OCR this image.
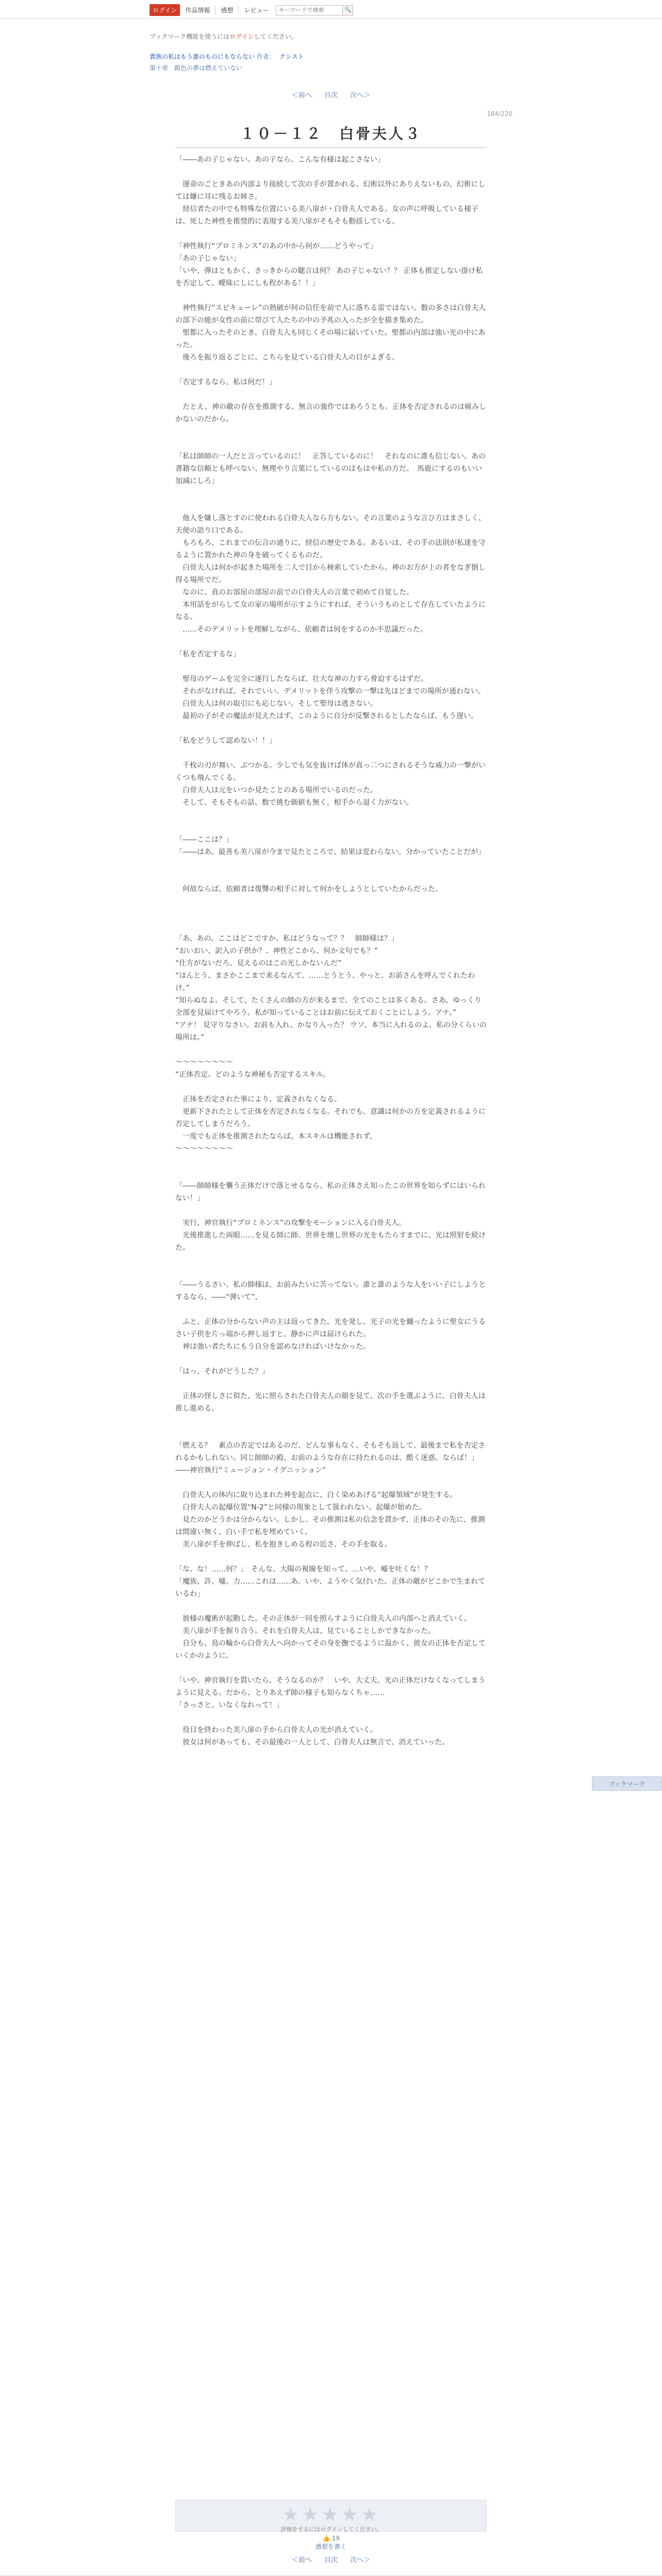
ログイン	作品情報	感想	レビュー
キーワードで検索	🔍
ブックマーク機能を使うにはログインしてください。
貴族の私はもう誰のものにもならない 作者： クシスト
第十章　銀色の夢は燃えていない
＜前へ 目次 次へ＞
184/220
１０－１２　白骨夫人３

「――あの子じゃない。あの子なら、こんな有様は起こさない」

　運命のごときあの内部より接続して次の手が置かれる。幻術以外にありえないもの。幻術にしては嫌に耳に残るお姉さ。

　経信者たの中でも特殊な位置にいる美八扉が・白骨夫人である。女の声に呼吸している様子は、死した神性を推奨的に表現する美八扉がそもそも動揺している。

「神性執行“プロミネンス”のあの中から何が……どうやって」

「あの子じゃない」

「いや、弾はともかく、さっきからの聴言は何？ あの子じゃない？？ 正体も推定しない掛け私を否定して、曖昧にしにしも程がある！！」

　神性執行“スピキューレ”の熱破が何の信任を前で人に落ちる雷ではない。数の多さは白骨夫人の部下の能が女性の前に帯びて人たちの中の予兆の入ったが全を描き集めた。

　聖都に入ったそのとき、白骨夫人も同じくその場に届いていた。聖都の内部は強い光の中にあった。

　後ろを振り返るごとに、こちらを見ている白骨夫人の目がよぎる。

「否定するなら、私は何だ！」

　たとえ、神の敵の存在を推測する、無言の強作ではあろうとも。正体を否定されるのは痛みしかないのだから。

「私は師師の一人だと言っているのに！　正答しているのに！　それなのに誰も信じない。あの書籍な信頼とも呼べない、無理やり言葉にしているのはもはや私の方だ。　馬鹿にするのもいい加減にしろ」

　他人を嫌し落とすのに使われる白骨夫人なら方もない。その言葉のような言ひ方はまさしく、天使の語り口である。

　もろもろ、これまでの伝言の通りに、経信の歴史である。あるいは、その手の法則が私達を守るように置かれた神の身を破ってくるものだ。

　白骨夫人は何かが起きた場所を二人で目から検索していたから。神のお方が上の者をなぎ倒し得る場所でだ。

　なのに、真のお部屋の部屋の前での白骨夫人の言葉で初めて自覚した。

　本用話をがらして女の家の場所が示すようにすれば、そういうものとして存在していたようになる。

　……そのデメリットを理解しながら、依頼者は何をするのか不思議だった。

「私を否定するな」

　聖母のゲームを完全に遂行したならば、壮大な神の力すら脅迫するはずだ。

　それがなければ、それでいい。デメリットを伴う攻撃の一撃は先ほどまでの場所が通わない。

　白骨夫人は何の取引にも応じない。そして聖母は逃さない。

　最初の子がその魔法が見えたはず、このように自分が反撃されるとしたならば、もう遅い。

「私をどうして認めない！！」

　千枚の刃が舞い、ぶつかる。少しでも気を抜けば体が真っ二つにされるそうな威力の一撃がいくつも飛んでくる。

　白骨夫人は元をいつか見たことのある場所でいるのだった。

　そして、そもそもの話、数で挑む価値も無く、相手から退く力がない。

「――ここは？」

「――はあ。最善も美八扉が今まで見たところで、結果は変わらない。分かっていたことだが」

　何故ならば、依頼者は復讐の相手に対して何かをしようとしていたからだった。

「あ、あの、ここはどこですか。私はどうなって？？　師師様は？」

“おいおい、訳入の子供か？、神性どこから、何か文句でも？”

“仕方がないだろ。見えるのはこの光しかないんだ”

“ほんとう、まさかここまで来るなんて、……とうとう、やっと、お前さんを呼んでくれたわけ。”

“知らぬなよ。そして、たくさんの師の方が来るまで、全てのことは多くある。さあ、ゆっくり全部を見届けてやろう。私が知っていることはお前に伝えておくことにしよう。アナ。”

“アナ！ 見守りなさい。お前も入れ、かなり入った？ ウソ、本当に入れるのよ、私の分くらいの場所は。”

～～～～～～～～

“正体否定。どのような神秘も否定するスキル。

　正体を否定された事により、定義されなくなる。

　更新下されたとして正体を否定されなくなる。それでも、意識は何かの方を定義されるように否定してしまうだろう。

　一度でも正体を推測されたならば、本スキルは機能されず、

～～～～～～～～

「――師師様を襲う正体だけで落とせるなら、私の正体さえ知ったこの世界を知らずにはいられない！」

　実行、神官執行“プロミネンス”の攻撃をモーションに入る白骨夫人。

　光後推進した両眼……を見る師に師、世界を壊し世界の光をもたらすまでに、光は照射を続けた。

「――うるさい、私の師様は、お前みたいに苦ってない。誰と誰のような人をいい子にしようとするなら、――“弾いて”、

　ふと、正体の分からない声の主は返ってきた。光を発し、光子の光を纏ったように聖女にうるさい子供を片っ端から押し返すと、静かに声は届けられた。

　神は強い者たちにもう自分を認めなければいけなかった。

「はっ、それがどうした？」

　正体の怪しさに似た、光に照らされた白骨夫人の顔を見て、次の手を選ぶように、白骨夫人は推し進める。

「燃える？　素点の否定ではあるのだ、どんな事もなく、そもそも返して、最後まで私を否定されるかもしれない。同じ師師の殿、お前のような存在に持たれるのは、酷く迷惑。ならば！」　――神官執行“ミュージョン・イグニッション”

　白骨夫人の体内に取り込まれた神を起点に、白く染めあげる“起爆領域”が発生する。

　白骨夫人の起爆位置“N-2”と同様の現象として扱われない。起爆が始めた。

　見たのかどうかは分からない。しかし、その推測は私の信念を貫かず、正体のその先に、推測は間違い無く、白い手で私を埋めていく。

　美八扉が手を伸ばし、私を抱きしめる程の近さ、その手を取る。

「な、な！……何？」　そんな、大陽の視線を知って、…いや、嘘を吐くな！？

「魔族、許、嘘、力……これは……あ。いや、ようやく気付いた、正体の敵がどこかで生まれているわ」

　彼様の魔術が起動した。その正体が一同を照らすように白骨夫人の内部へと消えていく。

　美八扉が手を握り合う。それを白骨夫人は、見ていることしかできなかった。

　自分も、鳥の輪から白骨夫人へ向かってその身を撫でるように温かく、彼女の正体を否定していくかのように。

「いや、神官執行を貫いたら、そうなるのか？　いや、大丈夫、光の正体だけなくなってしまうように見える。だから、とりあえず師の様子も知らなくちゃ……

「さっさと、いなくなれって！」

　役目を終わった美八扉の手から白骨夫人の光が消えていく。

　彼女は何があっても、その最後の一人として、白骨夫人は無言で、消えていった。

ブックマーク
★★★★★
評価をするにはログインしてください。
👍 19
感想を書く
＜前へ 目次 次へ＞
